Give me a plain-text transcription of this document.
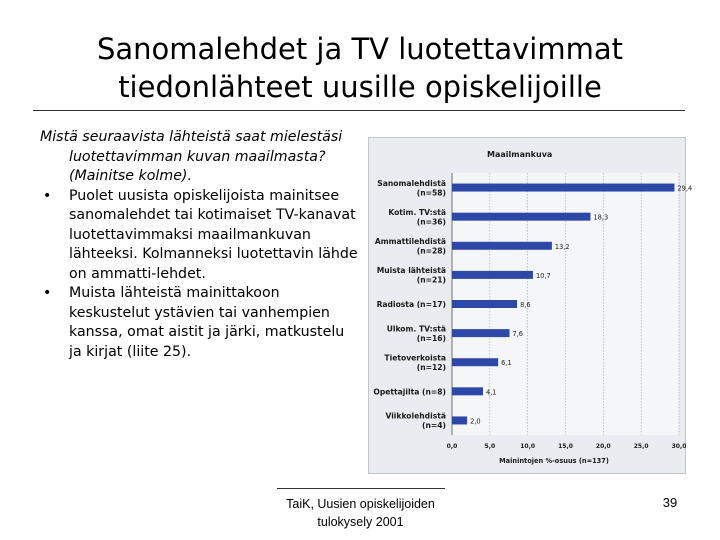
Sanomalehdet ja TV luotettavimmat
tiedonlähteet uusille opiskelijoille

Mistä seuraavista lähteistä saat mielestäsi luotettavimman kuvan maailmasta? (Mainitse kolme).

• Puolet uusista opiskelijoista mainitsee sanomalehdet tai kotimaiset TV-kanavat luotettavimmaksi maailmankuvan lähteeksi. Kolmanneksi luotettavin lähde on ammatti-lehdet.
• Muista lähteistä mainittakoon keskustelut ystävien tai vanhempien kanssa, omat aistit ja järki, matkustelu ja kirjat (liite 25).
Maailmankuva
29,4
18,3
13,2
10,7
8,6
7,6
6,1
4,1
2,0
Sanomalehdistä (n=58)
Kotim. TV:stä (n=36)
Ammattilehdistä (n=28)
Muista lähteistä (n=21)
Radiosta (n=17)
Ulkom. TV:stä (n=16)
Tietoverkoista (n=12)
Opettajilta (n=8)
Viikkolehdistä (n=4)
0,0	5,0	10,0	15,0	20,0	25,0	30,0
Mainintojen %-osuus (n=137)
TaiK, Uusien opiskelijoiden
tulokysely 2001
39
